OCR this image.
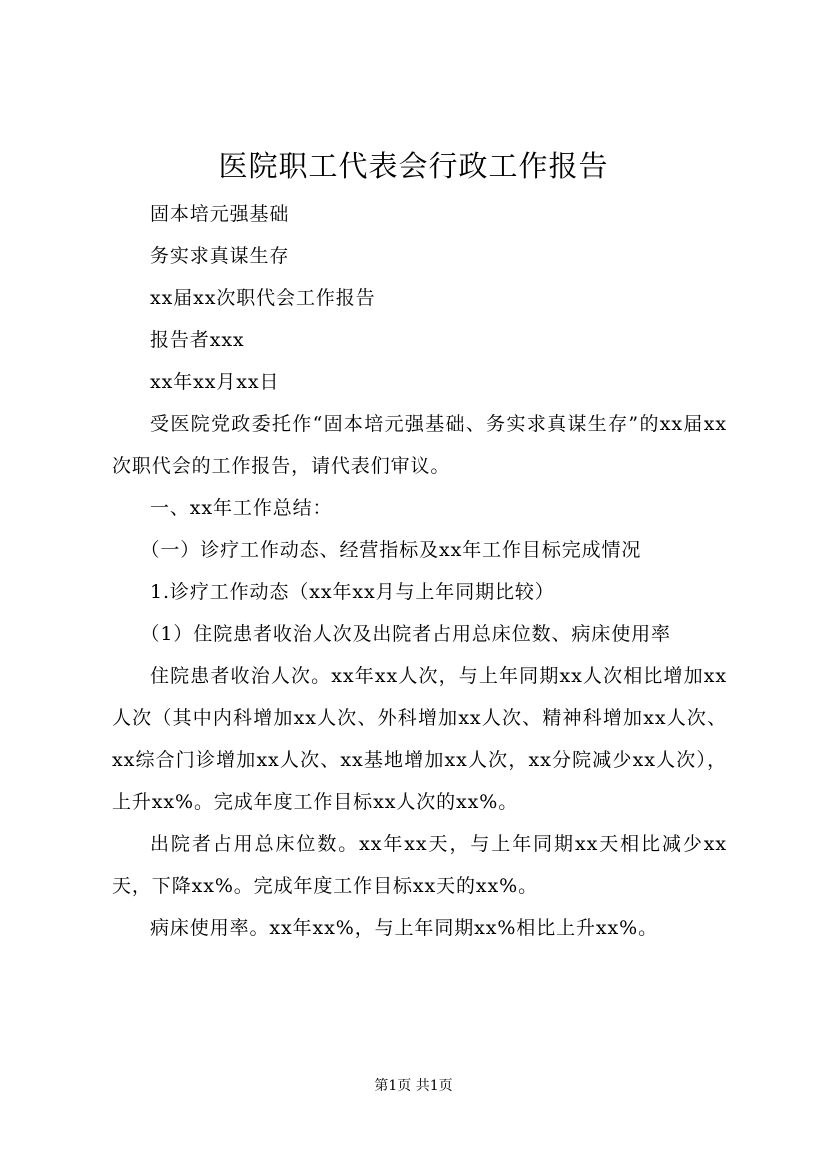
医院职工代表会行政工作报告

固本培元强基础

务实求真谋生存

xx届xx次职代会工作报告

报告者xxx

xx年xx月xx日

受医院党政委托作“固本培元强基础、务实求真谋生存”的xx届xx次职代会的工作报告，请代表们审议。

一、xx年工作总结：

（一）诊疗工作动态、经营指标及xx年工作目标完成情况

1.诊疗工作动态（xx年xx月与上年同期比较）

（1）住院患者收治人次及出院者占用总床位数、病床使用率

住院患者收治人次。xx年xx人次，与上年同期xx人次相比增加xx人次（其中内科增加xx人次、外科增加xx人次、精神科增加xx人次、xx综合门诊增加xx人次、xx基地增加xx人次，xx分院减少xx人次），上升xx%。完成年度工作目标xx人次的xx%。

出院者占用总床位数。xx年xx天，与上年同期xx天相比减少xx天，下降xx%。完成年度工作目标xx天的xx%。

病床使用率。xx年xx%，与上年同期xx%相比上升xx%。

第1页 共1页
